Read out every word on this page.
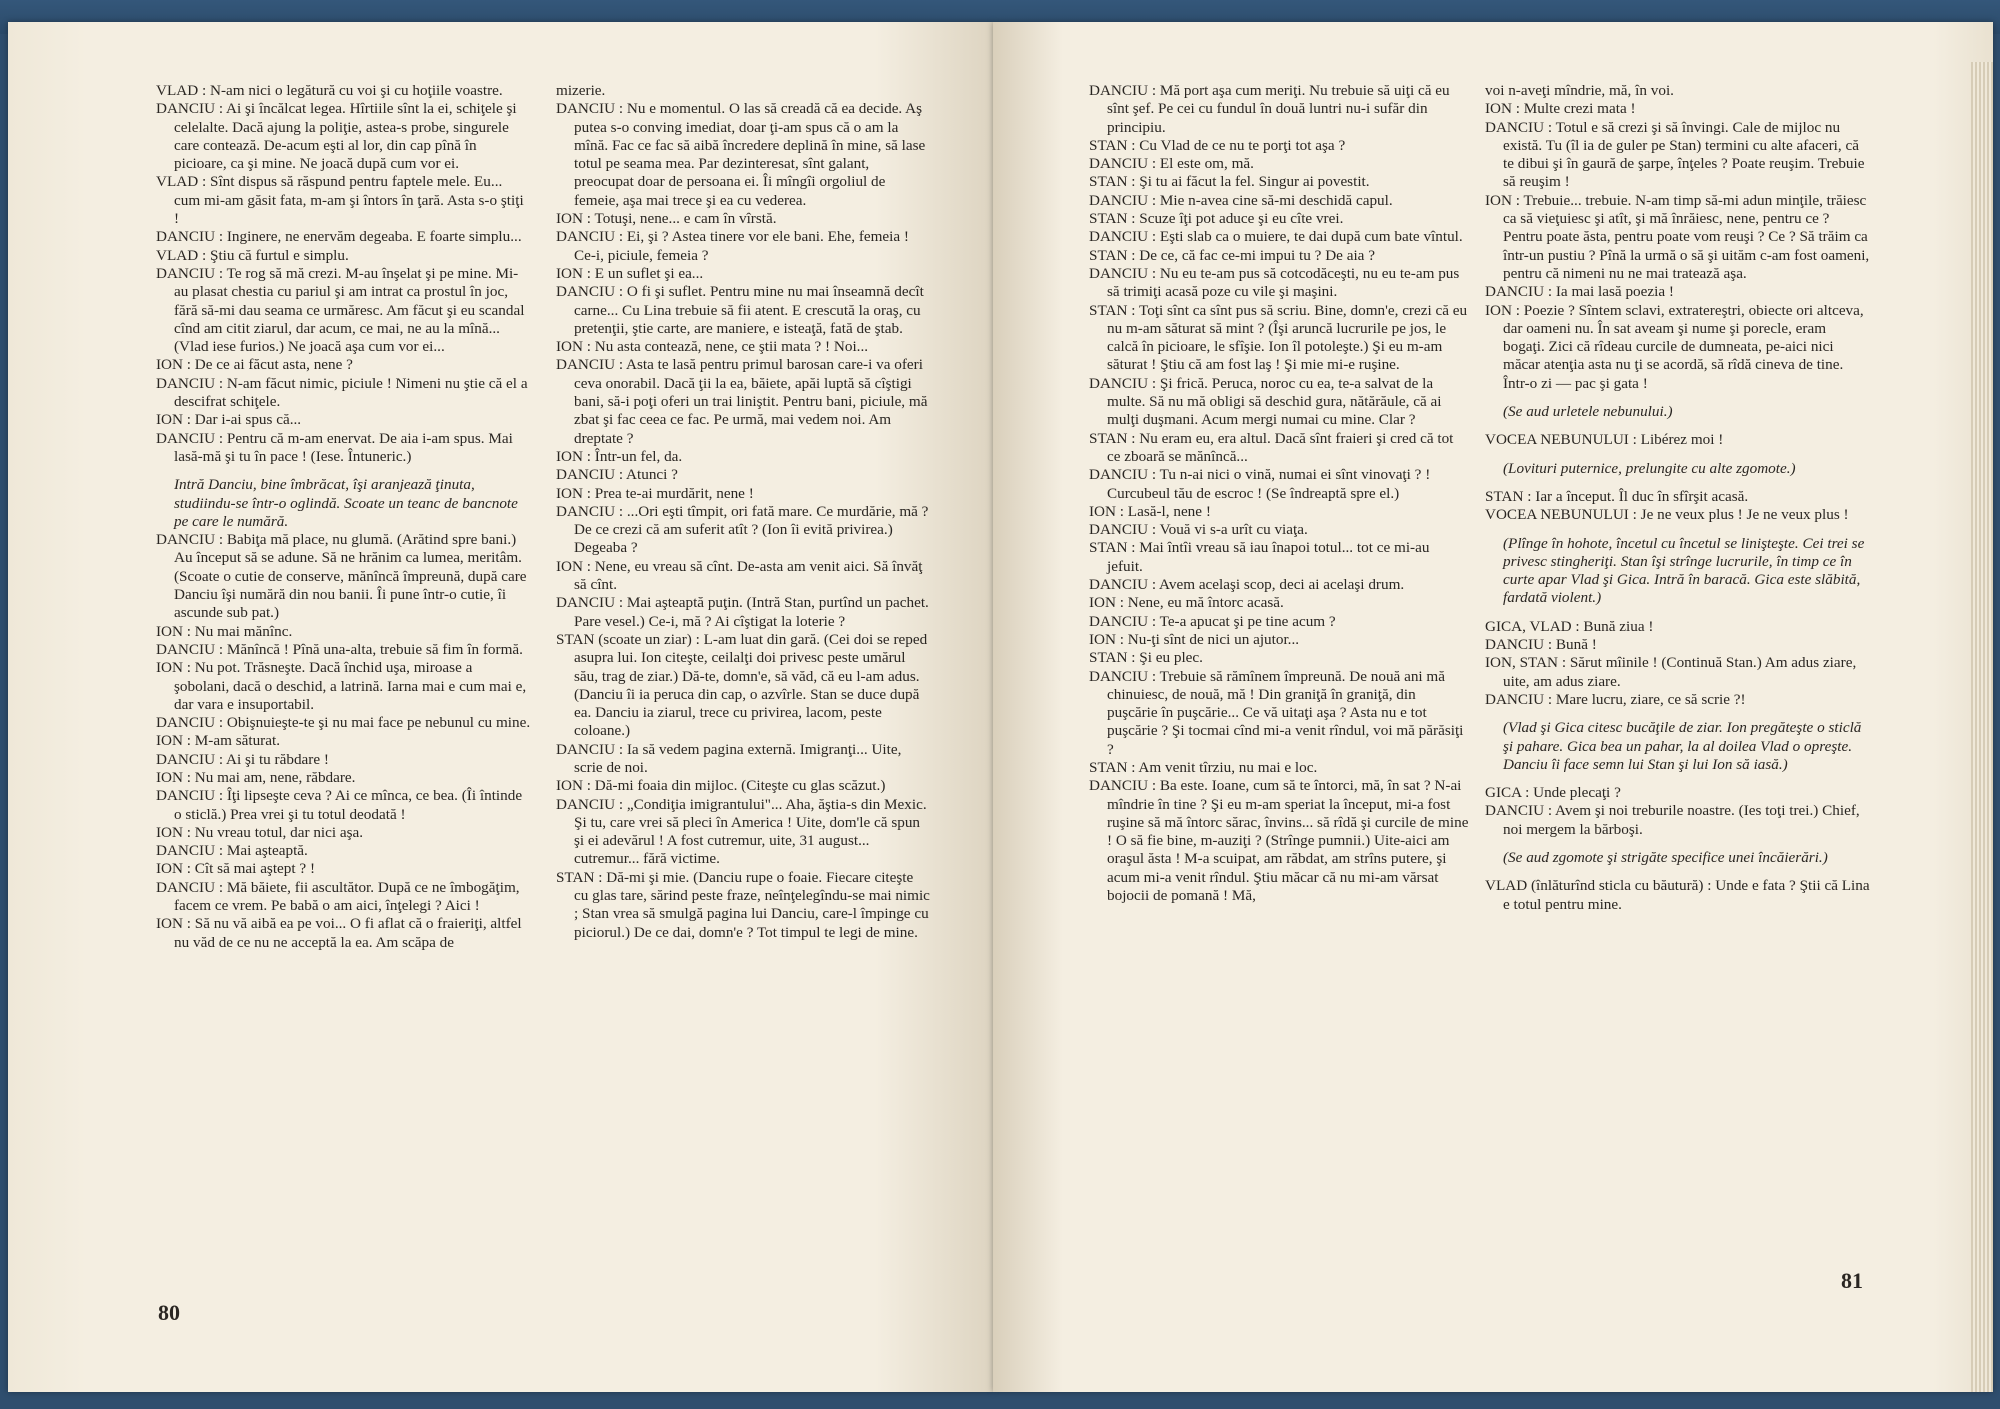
VLAD : N-am nici o legătură cu voi şi cu hoţiile voastre.

DANCIU : Ai şi încălcat legea. Hîrtiile sînt la ei, schiţele şi celelalte. Dacă ajung la poliţie, astea-s probe, singurele care contează. De-acum eşti al lor, din cap pînă în picioare, ca şi mine. Ne joacă după cum vor ei.

VLAD : Sînt dispus să răspund pentru faptele mele. Eu... cum mi-am găsit fata, m-am şi întors în ţară. Asta s-o ştiţi !

DANCIU : Inginere, ne enervăm degeaba. E foarte simplu...

VLAD : Ştiu că furtul e simplu.

DANCIU : Te rog să mă crezi. M-au înşelat şi pe mine. Mi-au plasat chestia cu pariul şi am intrat ca prostul în joc, fără să-mi dau seama ce urmăresc. Am făcut şi eu scandal cînd am citit ziarul, dar acum, ce mai, ne au la mînă... (Vlad iese furios.) Ne joacă aşa cum vor ei...

ION : De ce ai făcut asta, nene ?

DANCIU : N-am făcut nimic, piciule ! Nimeni nu ştie că el a descifrat schiţele.

ION : Dar i-ai spus că...

DANCIU : Pentru că m-am enervat. De aia i-am spus. Mai lasă-mă şi tu în pace ! (Iese. Întuneric.)

Intră Danciu, bine îmbrăcat, îşi aranjează ţinuta, studiindu-se într-o oglindă. Scoate un teanc de bancnote pe care le numără.

DANCIU : Babiţa mă place, nu glumă. (Arătind spre bani.) Au început să se adune. Să ne hrănim ca lumea, meritâm. (Scoate o cutie de conserve, mănîncă împreună, după care Danciu îşi numără din nou banii. Îi pune într-o cutie, îi ascunde sub pat.)

ION : Nu mai mănînc.

DANCIU : Mănîncă ! Pînă una-alta, trebuie să fim în formă.

ION : Nu pot. Trăsneşte. Dacă închid uşa, miroase a şobolani, dacă o deschid, a latrină. Iarna mai e cum mai e, dar vara e insuportabil.

DANCIU : Obişnuieşte-te şi nu mai face pe nebunul cu mine.

ION : M-am săturat.

DANCIU : Ai şi tu răbdare !

ION : Nu mai am, nene, răbdare.

DANCIU : Îţi lipseşte ceva ? Ai ce mînca, ce bea. (Îi întinde o sticlă.) Prea vrei şi tu totul deodată !

ION : Nu vreau totul, dar nici aşa.

DANCIU : Mai aşteaptă.

ION : Cît să mai aştept ? !

DANCIU : Mă băiete, fii ascultător. După ce ne îmbogăţim, facem ce vrem. Pe babă o am aici, înţelegi ? Aici !

ION : Să nu vă aibă ea pe voi... O fi aflat că o fraieriţi, altfel nu văd de ce nu ne acceptă la ea. Am scăpa de

mizerie.

DANCIU : Nu e momentul. O las să creadă că ea decide. Aş putea s-o conving imediat, doar ţi-am spus că o am la mînă. Fac ce fac să aibă încredere deplină în mine, să lase totul pe seama mea. Par dezinteresat, sînt galant, preocupat doar de persoana ei. Îi mîngîi orgoliul de femeie, aşa mai trece şi ea cu vederea.

ION : Totuşi, nene... e cam în vîrstă.

DANCIU : Ei, şi ? Astea tinere vor ele bani. Ehe, femeia ! Ce-i, piciule, femeia ?

ION : E un suflet şi ea...

DANCIU : O fi şi suflet. Pentru mine nu mai înseamnă decît carne... Cu Lina trebuie să fii atent. E crescută la oraş, cu pretenţii, ştie carte, are maniere, e isteaţă, fată de ştab.

ION : Nu asta contează, nene, ce ştii mata ? ! Noi...

DANCIU : Asta te lasă pentru primul barosan care-i va oferi ceva onorabil. Dacă ţii la ea, băiete, apăi luptă să cîştigi bani, să-i poţi oferi un trai liniştit. Pentru bani, piciule, mă zbat şi fac ceea ce fac. Pe urmă, mai vedem noi. Am dreptate ?

ION : Într-un fel, da.

DANCIU : Atunci ?

ION : Prea te-ai murdărit, nene !

DANCIU : ...Ori eşti tîmpit, ori fată mare. Ce murdărie, mă ? De ce crezi că am suferit atît ? (Ion îi evită privirea.) Degeaba ?

ION : Nene, eu vreau să cînt. De-asta am venit aici. Să învăţ să cînt.

DANCIU : Mai aşteaptă puţin. (Intră Stan, purtînd un pachet. Pare vesel.) Ce-i, mă ? Ai cîştigat la loterie ?

STAN (scoate un ziar) : L-am luat din gară. (Cei doi se reped asupra lui. Ion citeşte, ceilalţi doi privesc peste umărul său, trag de ziar.) Dă-te, domn'e, să văd, că eu l-am adus. (Danciu îi ia peruca din cap, o azvîrle. Stan se duce după ea. Danciu ia ziarul, trece cu privirea, lacom, peste coloane.)

DANCIU : Ia să vedem pagina externă. Imigranţi... Uite, scrie de noi.

ION : Dă-mi foaia din mijloc. (Citeşte cu glas scăzut.)

DANCIU : „Condiţia imigrantului"... Aha, ăştia-s din Mexic. Şi tu, care vrei să pleci în America ! Uite, dom'le că spun şi ei adevărul ! A fost cutremur, uite, 31 august... cutremur... fără victime.

STAN : Dă-mi şi mie. (Danciu rupe o foaie. Fiecare citeşte cu glas tare, sărind peste fraze, neînţelegîndu-se mai nimic ; Stan vrea să smulgă pagina lui Danciu, care-l împinge cu piciorul.) De ce dai, domn'e ? Tot timpul te legi de mine.

80

DANCIU : Mă port aşa cum meriţi. Nu trebuie să uiţi că eu sînt şef. Pe cei cu fundul în două luntri nu-i sufăr din principiu.

STAN : Cu Vlad de ce nu te porţi tot aşa ?

DANCIU : El este om, mă.

STAN : Şi tu ai făcut la fel. Singur ai povestit.

DANCIU : Mie n-avea cine să-mi deschidă capul.

STAN : Scuze îţi pot aduce şi eu cîte vrei.

DANCIU : Eşti slab ca o muiere, te dai după cum bate vîntul.

STAN : De ce, că fac ce-mi impui tu ? De aia ?

DANCIU : Nu eu te-am pus să cotcodăceşti, nu eu te-am pus să trimiţi acasă poze cu vile şi maşini.

STAN : Toţi sînt ca sînt pus să scriu. Bine, domn'e, crezi că eu nu m-am săturat să mint ? (Îşi aruncă lucrurile pe jos, le calcă în picioare, le sfîşie. Ion îl potoleşte.) Şi eu m-am săturat ! Ştiu că am fost laş ! Şi mie mi-e ruşine.

DANCIU : Şi frică. Peruca, noroc cu ea, te-a salvat de la multe. Să nu mă obligi să deschid gura, nătărăule, că ai mulţi duşmani. Acum mergi numai cu mine. Clar ?

STAN : Nu eram eu, era altul. Dacă sînt fraieri şi cred că tot ce zboară se mănîncă...

DANCIU : Tu n-ai nici o vină, numai ei sînt vinovaţi ? ! Curcubeul tău de escroc ! (Se îndreaptă spre el.)

ION : Lasă-l, nene !

DANCIU : Vouă vi s-a urît cu viaţa.

STAN : Mai întîi vreau să iau înapoi totul... tot ce mi-au jefuit.

DANCIU : Avem acelaşi scop, deci ai acelaşi drum.

ION : Nene, eu mă întorc acasă.

DANCIU : Te-a apucat şi pe tine acum ?

ION : Nu-ţi sînt de nici un ajutor...

STAN : Şi eu plec.

DANCIU : Trebuie să rămînem împreună. De nouă ani mă chinuiesc, de nouă, mă ! Din graniţă în graniţă, din puşcărie în puşcărie... Ce vă uitaţi aşa ? Asta nu e tot puşcărie ? Şi tocmai cînd mi-a venit rîndul, voi mă părăsiţi ?

STAN : Am venit tîrziu, nu mai e loc.

DANCIU : Ba este. Ioane, cum să te întorci, mă, în sat ? N-ai mîndrie în tine ? Şi eu m-am speriat la început, mi-a fost ruşine să mă întorc sărac, învins... să rîdă şi curcile de mine ! O să fie bine, m-auziţi ? (Strînge pumnii.) Uite-aici am oraşul ăsta ! M-a scuipat, am răbdat, am strîns putere, şi acum mi-a venit rîndul. Ştiu măcar că nu mi-am vărsat bojocii de pomană ! Mă,

voi n-aveţi mîndrie, mă, în voi.

ION : Multe crezi mata !

DANCIU : Totul e să crezi şi să învingi. Cale de mijloc nu există. Tu (îl ia de guler pe Stan) termini cu alte afaceri, că te dibui şi în gaură de şarpe, înţeles ? Poate reuşim. Trebuie să reuşim !

ION : Trebuie... trebuie. N-am timp să-mi adun minţile, trăiesc ca să vieţuiesc şi atît, şi mă înrăiesc, nene, pentru ce ? Pentru poate ăsta, pentru poate vom reuşi ? Ce ? Să trăim ca într-un pustiu ? Pînă la urmă o să şi uităm c-am fost oameni, pentru că nimeni nu ne mai tratează aşa.

DANCIU : Ia mai lasă poezia !

ION : Poezie ? Sîntem sclavi, extratereştri, obiecte ori altceva, dar oameni nu. În sat aveam şi nume şi porecle, eram bogaţi. Zici că rîdeau curcile de dumneata, pe-aici nici măcar atenţia asta nu ţi se acordă, să rîdă cineva de tine. Într-o zi — pac şi gata !

(Se aud urletele nebunului.)

VOCEA NEBUNULUI : Libérez moi !

(Lovituri puternice, prelungite cu alte zgomote.)

STAN : Iar a început. Îl duc în sfîrşit acasă.

VOCEA NEBUNULUI : Je ne veux plus ! Je ne veux plus !

(Plînge în hohote, încetul cu încetul se linişteşte. Cei trei se privesc stingheriţi. Stan îşi strînge lucrurile, în timp ce în curte apar Vlad şi Gica. Intră în baracă. Gica este slăbită, fardată violent.)

GICA, VLAD : Bună ziua !

DANCIU : Bună !

ION, STAN : Sărut mîinile ! (Continuă Stan.) Am adus ziare, uite, am adus ziare.

DANCIU : Mare lucru, ziare, ce să scrie ?!

(Vlad şi Gica citesc bucăţile de ziar. Ion pregăteşte o sticlă şi pahare. Gica bea un pahar, la al doilea Vlad o opreşte. Danciu îi face semn lui Stan şi lui Ion să iasă.)

GICA : Unde plecaţi ?

DANCIU : Avem şi noi treburile noastre. (Ies toţi trei.) Chief, noi mergem la bărboşi.

(Se aud zgomote şi strigăte specifice unei încăierări.)

VLAD (înlăturînd sticla cu băutură) : Unde e fata ? Ştii că Lina e totul pentru mine.

81
